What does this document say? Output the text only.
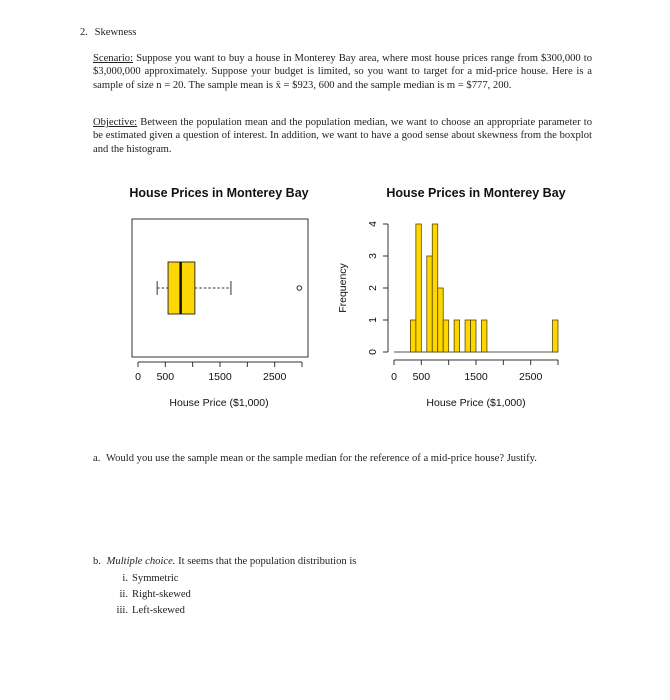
2. Skewness
Scenario: Suppose you want to buy a house in Monterey Bay area, where most house prices range from $300,000 to $3,000,000 approximately. Suppose your budget is limited, so you want to target for a mid-price house. Here is a sample of size n = 20. The sample mean is x̄ = $923, 600 and the sample median is m = $777, 200.
Objective: Between the population mean and the population median, we want to choose an appropriate parameter to be estimated given a question of interest. In addition, we want to have a good sense about skewness from the boxplot and the histogram.
House Prices in Monterey Bay
0 500	1500	2500
House Price ($1,000)
House Prices in Monterey Bay
0
1
2
3
4
Frequency
0 500	1500	2500
House Price ($1,000)
a. Would you use the sample mean or the sample median for the reference of a mid-price house? Justify.
b. Multiple choice. It seems that the population distribution is
i.
ii.
iii.
Symmetric
Right-skewed
Left-skewed
